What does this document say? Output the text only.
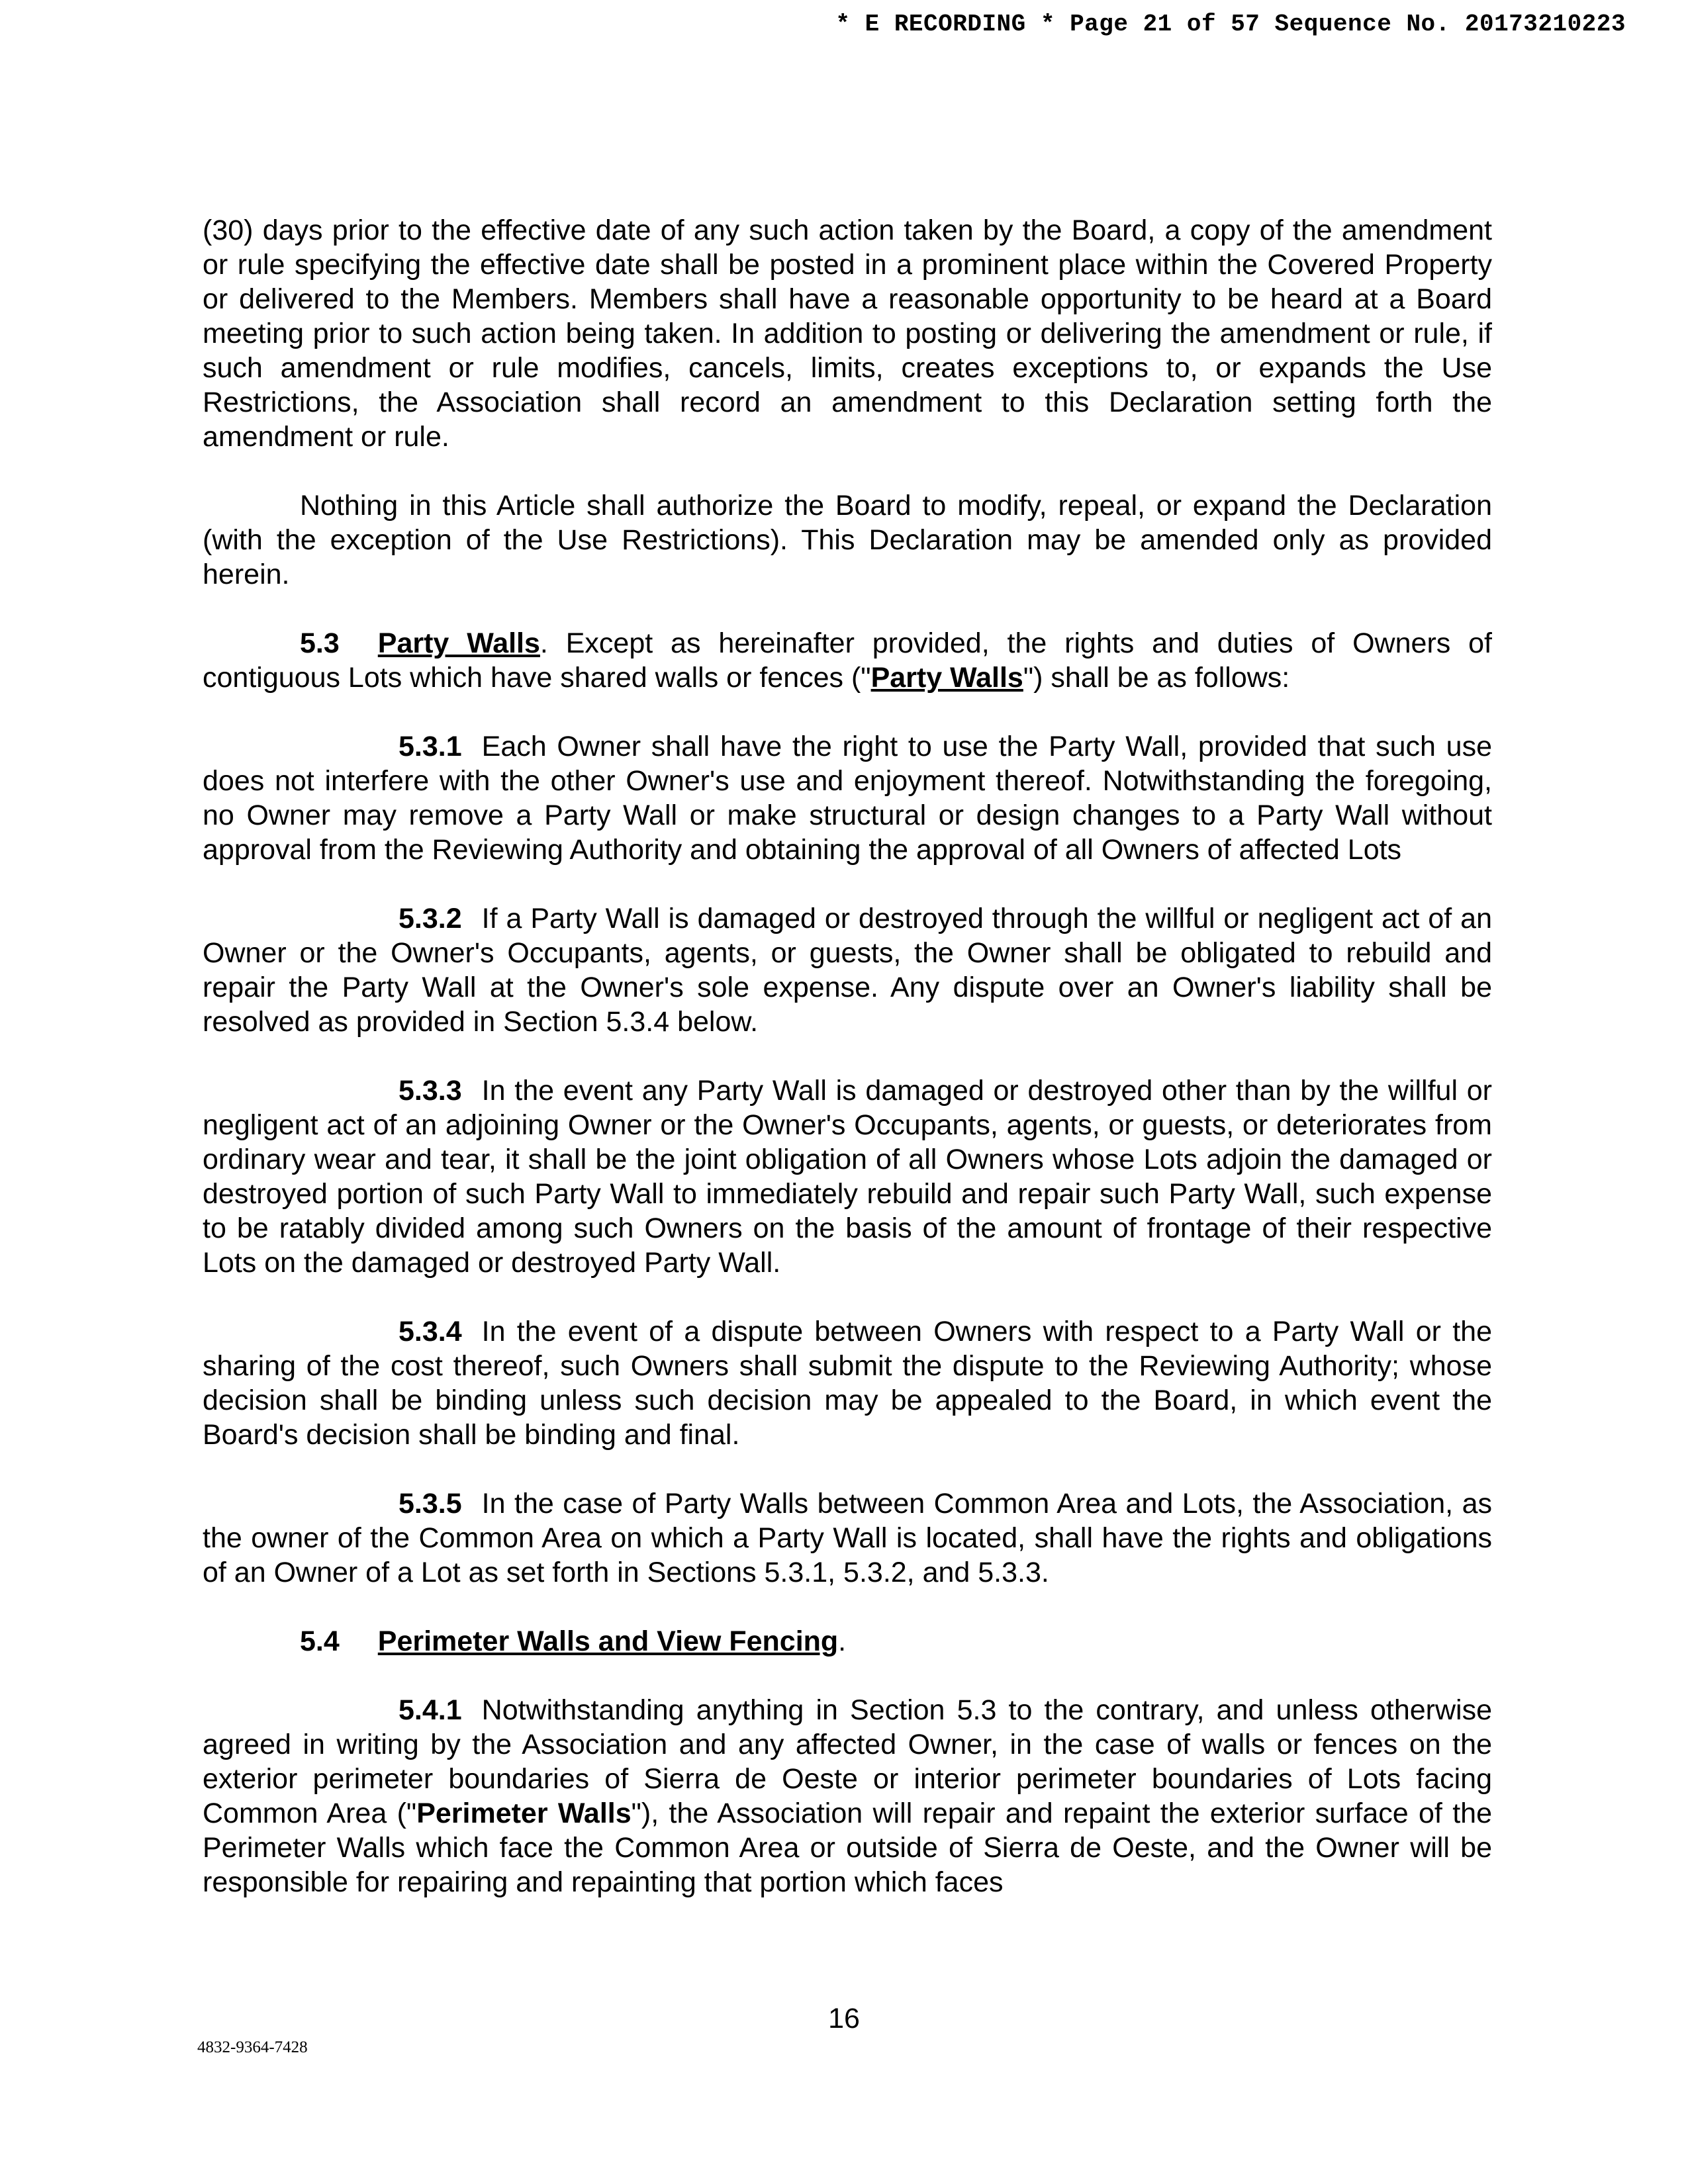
* E RECORDING * Page 21 of 57 Sequence No. 20173210223

(30) days prior to the effective date of any such action taken by the Board, a copy of the amendment or rule specifying the effective date shall be posted in a prominent place within the Covered Property or delivered to the Members. Members shall have a reasonable opportunity to be heard at a Board meeting prior to such action being taken. In addition to posting or delivering the amendment or rule, if such amendment or rule modifies, cancels, limits, creates exceptions to, or expands the Use Restrictions, the Association shall record an amendment to this Declaration setting forth the amendment or rule.

Nothing in this Article shall authorize the Board to modify, repeal, or expand the Declaration (with the exception of the Use Restrictions). This Declaration may be amended only as provided herein.

5.3 Party Walls. Except as hereinafter provided, the rights and duties of Owners of contiguous Lots which have shared walls or fences ("Party Walls") shall be as follows:

5.3.1 Each Owner shall have the right to use the Party Wall, provided that such use does not interfere with the other Owner's use and enjoyment thereof. Notwithstanding the foregoing, no Owner may remove a Party Wall or make structural or design changes to a Party Wall without approval from the Reviewing Authority and obtaining the approval of all Owners of affected Lots

5.3.2 If a Party Wall is damaged or destroyed through the willful or negligent act of an Owner or the Owner's Occupants, agents, or guests, the Owner shall be obligated to rebuild and repair the Party Wall at the Owner's sole expense. Any dispute over an Owner's liability shall be resolved as provided in Section 5.3.4 below.

5.3.3 In the event any Party Wall is damaged or destroyed other than by the willful or negligent act of an adjoining Owner or the Owner's Occupants, agents, or guests, or deteriorates from ordinary wear and tear, it shall be the joint obligation of all Owners whose Lots adjoin the damaged or destroyed portion of such Party Wall to immediately rebuild and repair such Party Wall, such expense to be ratably divided among such Owners on the basis of the amount of frontage of their respective Lots on the damaged or destroyed Party Wall.

5.3.4 In the event of a dispute between Owners with respect to a Party Wall or the sharing of the cost thereof, such Owners shall submit the dispute to the Reviewing Authority; whose decision shall be binding unless such decision may be appealed to the Board, in which event the Board's decision shall be binding and final.

5.3.5 In the case of Party Walls between Common Area and Lots, the Association, as the owner of the Common Area on which a Party Wall is located, shall have the rights and obligations of an Owner of a Lot as set forth in Sections 5.3.1, 5.3.2, and 5.3.3.

5.4 Perimeter Walls and View Fencing.

5.4.1 Notwithstanding anything in Section 5.3 to the contrary, and unless otherwise agreed in writing by the Association and any affected Owner, in the case of walls or fences on the exterior perimeter boundaries of Sierra de Oeste or interior perimeter boundaries of Lots facing Common Area ("Perimeter Walls"), the Association will repair and repaint the exterior surface of the Perimeter Walls which face the Common Area or outside of Sierra de Oeste, and the Owner will be responsible for repairing and repainting that portion which faces

16
4832-9364-7428
